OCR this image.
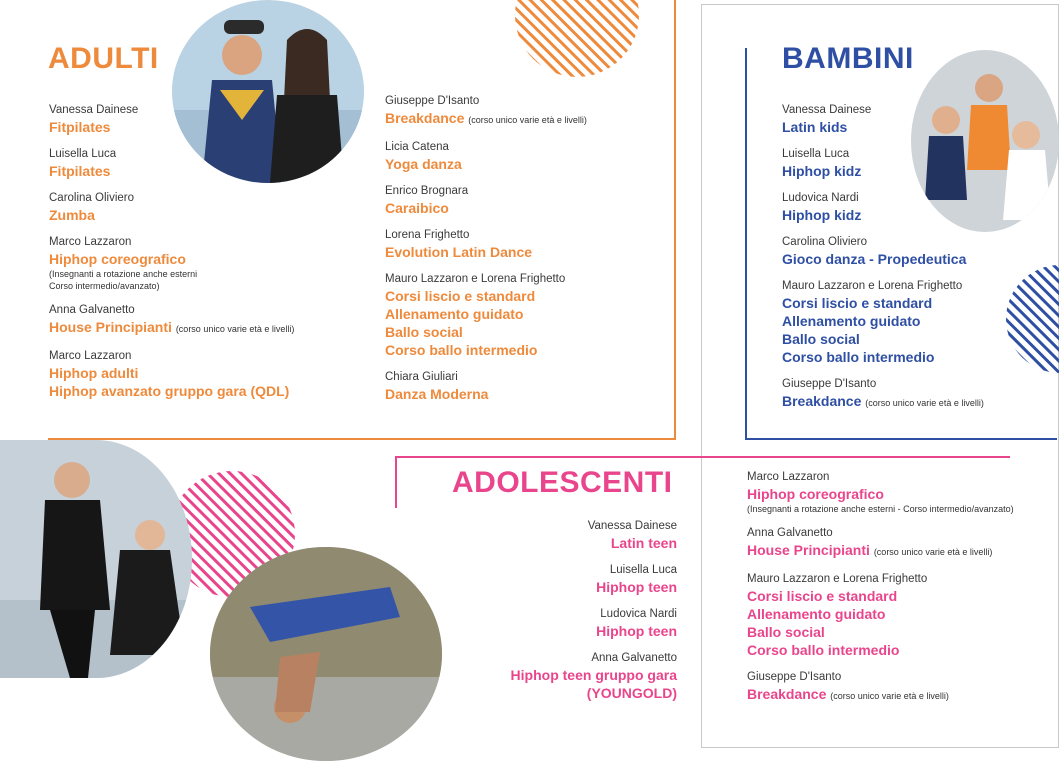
ADULTI
Vanessa Dainese
Fitpilates
Luisella Luca
Fitpilates
Carolina Oliviero
Zumba
Marco Lazzaron
Hiphop coreografico
(Insegnanti a rotazione anche esterni
Corso intermedio/avanzato)
Anna Galvanetto
House Principianti (corso unico varie età e livelli)
Marco Lazzaron
Hiphop adulti
Hiphop avanzato gruppo gara (QDL)
Giuseppe D'Isanto
Breakdance (corso unico varie età e livelli)
Licia Catena
Yoga danza
Enrico Brognara
Caraibico
Lorena Frighetto
Evolution Latin Dance
Mauro Lazzaron e Lorena Frighetto
Corsi liscio e standard
Allenamento guidato
Ballo social
Corso ballo intermedio
Chiara Giuliari
Danza Moderna
BAMBINI
Vanessa Dainese
Latin kids
Luisella Luca
Hiphop kidz
Ludovica Nardi
Hiphop kidz
Carolina Oliviero
Gioco danza - Propedeutica
Mauro Lazzaron e Lorena Frighetto
Corsi liscio e standard
Allenamento guidato
Ballo social
Corso ballo intermedio
Giuseppe D'Isanto
Breakdance (corso unico varie età e livelli)
ADOLESCENTI
Vanessa Dainese
Latin teen
Luisella Luca
Hiphop teen
Ludovica Nardi
Hiphop teen
Anna Galvanetto
Hiphop teen gruppo gara
(YOUNGOLD)
Marco Lazzaron
Hiphop coreografico
(Insegnanti a rotazione anche esterni - Corso intermedio/avanzato)
Anna Galvanetto
House Principianti (corso unico varie età e livelli)
Mauro Lazzaron e Lorena Frighetto
Corsi liscio e standard
Allenamento guidato
Ballo social
Corso ballo intermedio
Giuseppe D'Isanto
Breakdance (corso unico varie età e livelli)
